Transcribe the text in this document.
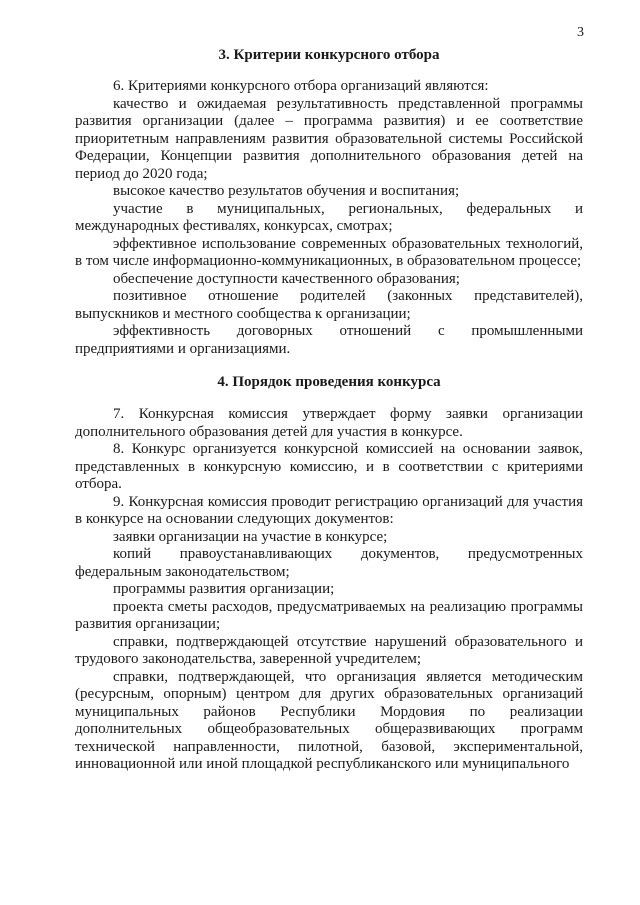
3
3. Критерии конкурсного отбора

6. Критериями конкурсного отбора организаций являются:

качество и ожидаемая результативность представленной программы развития организации (далее – программа развития) и ее соответствие приоритетным направлениям развития образовательной системы Российской Федерации, Концепции развития дополнительного образования детей на период до 2020 года;

высокое качество результатов обучения и воспитания;

участие в муниципальных, региональных, федеральных и международных фестивалях, конкурсах, смотрах;

эффективное использование современных образовательных технологий, в том числе информационно-коммуникационных, в образовательном процессе;

обеспечение доступности качественного образования;

позитивное отношение родителей (законных представителей), выпускников и местного сообщества к организации;

эффективность договорных отношений с промышленными предприятиями и организациями.

4. Порядок проведения конкурса

7. Конкурсная комиссия утверждает форму заявки организации дополнительного образования детей для участия в конкурсе.

8. Конкурс организуется конкурсной комиссией на основании заявок, представленных в конкурсную комиссию, и в соответствии с критериями отбора.

9. Конкурсная комиссия проводит регистрацию организаций для участия в конкурсе на основании следующих документов:

заявки организации на участие в конкурсе;

копий правоустанавливающих документов, предусмотренных федеральным законодательством;

программы развития организации;

проекта сметы расходов, предусматриваемых на реализацию программы развития организации;

справки, подтверждающей отсутствие нарушений образовательного и трудового законодательства, заверенной учредителем;

справки, подтверждающей, что организация является методическим (ресурсным, опорным) центром для других образовательных организаций муниципальных районов Республики Мордовия по реализации дополнительных общеобразовательных общеразвивающих программ технической направленности, пилотной, базовой, экспериментальной, инновационной или иной площадкой республиканского или муниципального
